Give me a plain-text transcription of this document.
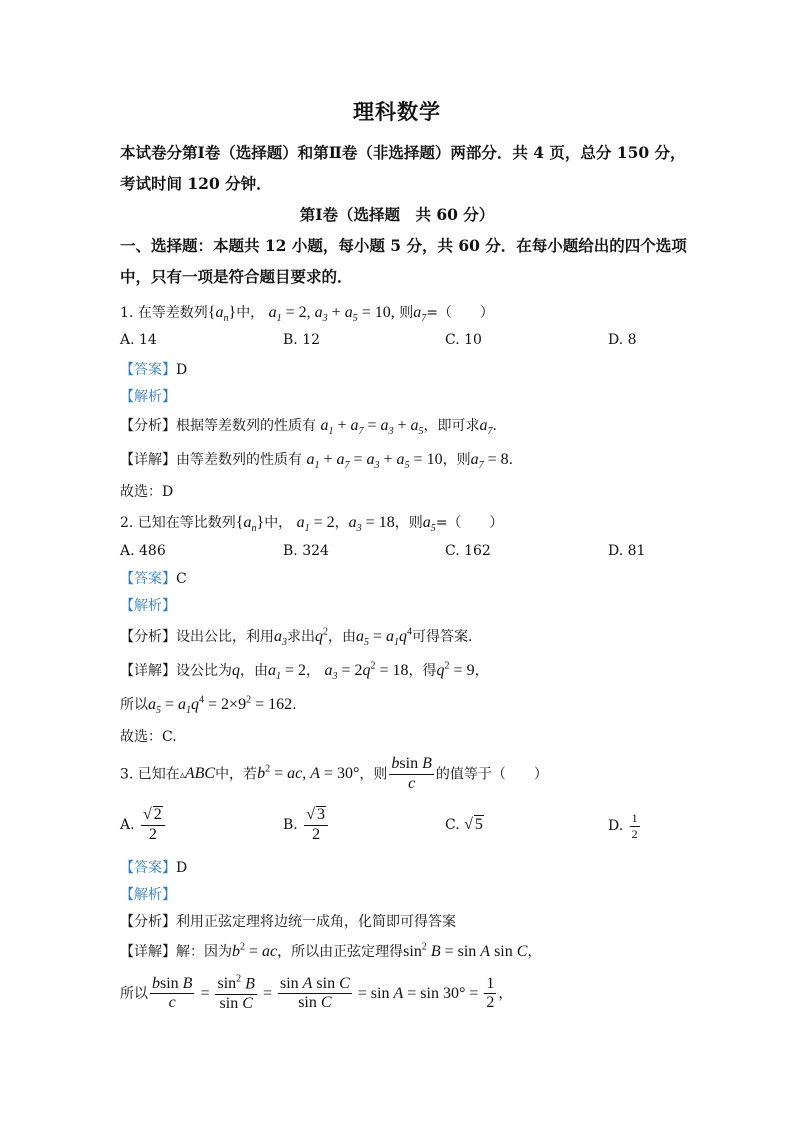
理科数学
本试卷分第Ⅰ卷（选择题）和第Ⅱ卷（非选择题）两部分．共 4 页，总分 150 分，
考试时间 120 分钟．
第Ⅰ卷（选择题　共 60 分）
一、选择题：本题共 12 小题，每小题 5 分，共 60 分．在每小题给出的四个选项
中，只有一项是符合题目要求的．
1. 在等差数列$\{a_n\}$中， $a_1 = 2$, $a_3 + a_5 = 10$, 则$a_7=$（　　）
A. 14	B. 12	C. 10	D. 8
【答案】D
【解析】
【分析】根据等差数列的性质有 $a_1 + a_7 = a_3 + a_5$，即可求$a_7$.
【详解】由等差数列的性质有 $a_1 + a_7 = a_3 + a_5 = 10$，则$a_7 = 8$.
故选：D
2. 已知在等比数列$\{a_n\}$中， $a_1 = 2$，$a_3 = 18$，则$a_5=$（　　）
A. 486	B. 324	C. 162	D. 81
【答案】C
【解析】
【分析】设出公比，利用$a_3$求出$q^2$，由$a_5 = a_1q^4$可得答案.
【详解】设公比为q，由$a_1 = 2$， $a_3 = 2q^2 = 18$，得$q^2 = 9$，
所以$a_5 = a_1q^4 = 2\times 9^2 = 162$.
故选：C.
3. 已知在▵ABC中，若$b^2$ = ac, A = 30°，则 $\frac{\text{bsin B}}{c}$ 的值等于（　　）
A. $\frac{√ 2}{2}$	B. $\frac{√ 3}{2}$	C. √ 5	D. $\frac{1}{2}$
【答案】D
【解析】
【分析】利用正弦定理将边统一成角，化简即可得答案
【详解】解：因为$b^2$ = ac，所以由正弦定理得$\sin^2 B = \sin A$ sin C，
所以 $\frac{\text{bsin B}}{c} = \frac{\sin^2 B}{\text{sin C}} = \frac{\text{sin A sin C}}{\text{sin C}} = \sin A = \sin 30^\circ = \frac{1}{2}$ ，
